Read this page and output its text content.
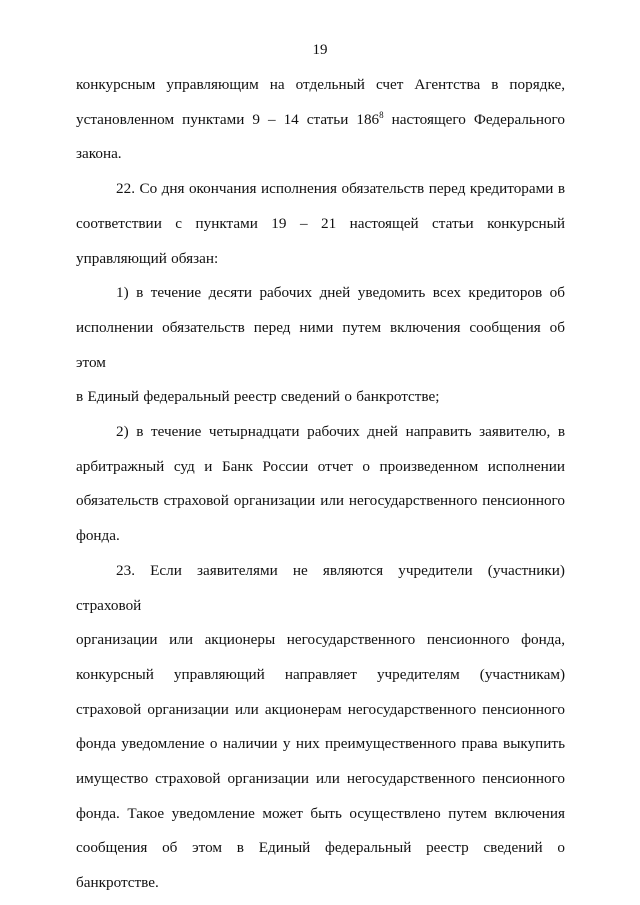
19

конкурсным управляющим на отдельный счет Агентства в порядке,
установленном пунктами 9 – 14 статьи $186^8$ настоящего Федерального
закона.

22. Со дня окончания исполнения обязательств перед кредиторами в
соответствии с пунктами 19 – 21 настоящей статьи конкурсный
управляющий обязан:

1) в течение десяти рабочих дней уведомить всех кредиторов об
исполнении обязательств перед ними путем включения сообщения об этом
в Единый федеральный реестр сведений о банкротстве;

2) в течение четырнадцати рабочих дней направить заявителю, в
арбитражный суд и Банк России отчет о произведенном исполнении
обязательств страховой организации или негосударственного пенсионного
фонда.

23. Если заявителями не являются учредители (участники) страховой
организации или акционеры негосударственного пенсионного фонда,
конкурсный управляющий направляет учредителям (участникам)
страховой организации или акционерам негосударственного пенсионного
фонда уведомление о наличии у них преимущественного права выкупить
имущество страховой организации или негосударственного пенсионного
фонда. Такое уведомление может быть осуществлено путем включения
сообщения об этом в Единый федеральный реестр сведений о банкротстве.
